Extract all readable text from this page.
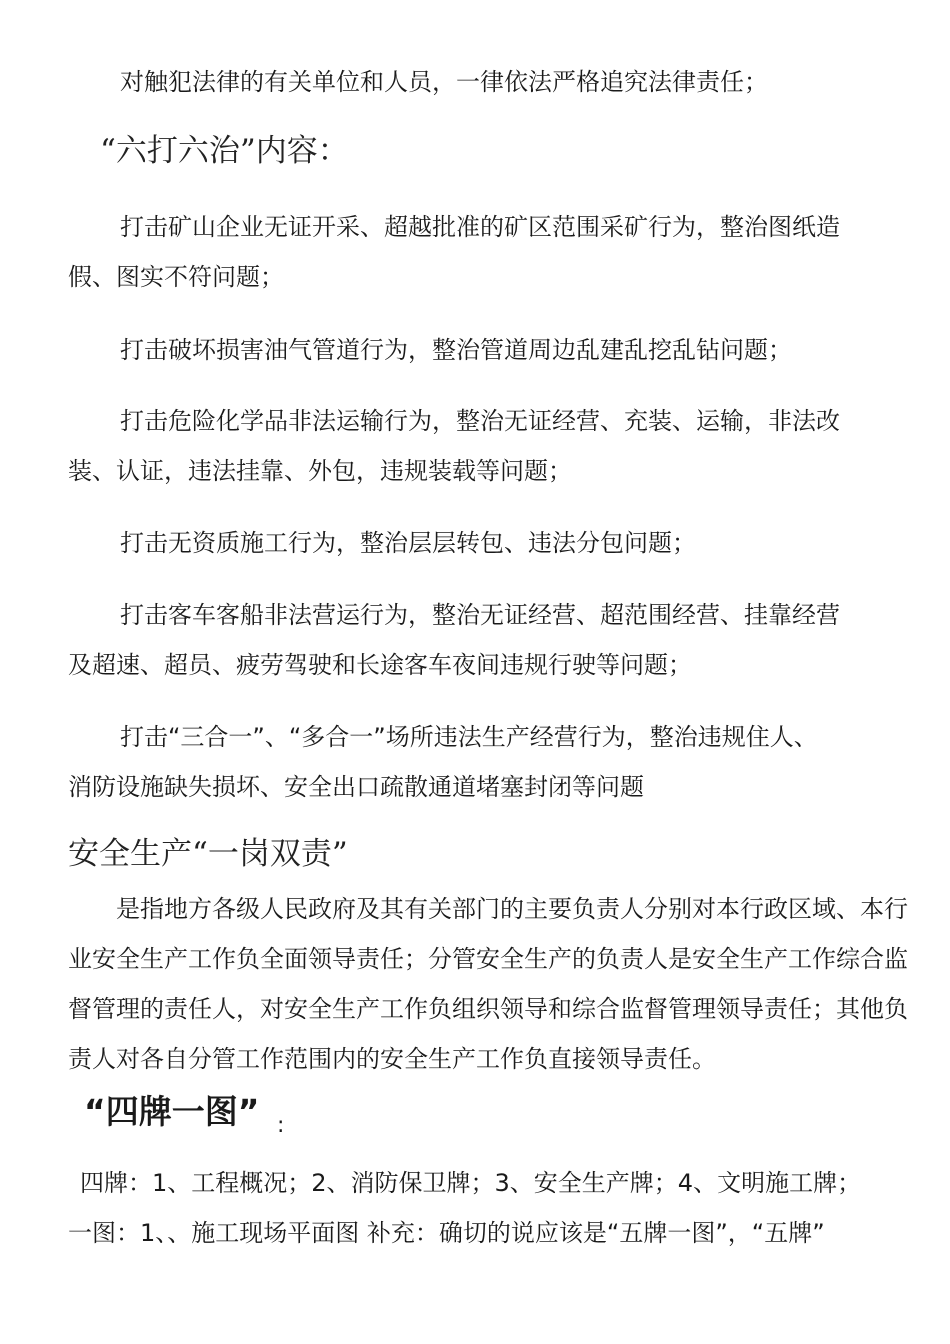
对触犯法律的有关单位和人员，一律依法严格追究法律责任；

“六打六治”内容：

打击矿山企业无证开采、超越批准的矿区范围采矿行为，整治图纸造

假、图实不符问题；

打击破坏损害油气管道行为，整治管道周边乱建乱挖乱钻问题；

打击危险化学品非法运输行为，整治无证经营、充装、运输，非法改

装、认证，违法挂靠、外包，违规装载等问题；

打击无资质施工行为，整治层层转包、违法分包问题；

打击客车客船非法营运行为，整治无证经营、超范围经营、挂靠经营

及超速、超员、疲劳驾驶和长途客车夜间违规行驶等问题；

打击“三合一”、“多合一”场所违法生产经营行为，整治违规住人、

消防设施缺失损坏、安全出口疏散通道堵塞封闭等问题

安全生产“一岗双责”

是指地方各级人民政府及其有关部门的主要负责人分别对本行政区域、本行

业安全生产工作负全面领导责任；分管安全生产的负责人是安全生产工作综合监

督管理的责任人，对安全生产工作负组织领导和综合监督管理领导责任；其他负

责人对各自分管工作范围内的安全生产工作负直接领导责任。

“四牌一图” :

四牌：1、工程概况；2、消防保卫牌；3、安全生产牌；4、文明施工牌；

一图：1、、施工现场平面图 补充：确切的说应该是“五牌一图”，“五牌”
